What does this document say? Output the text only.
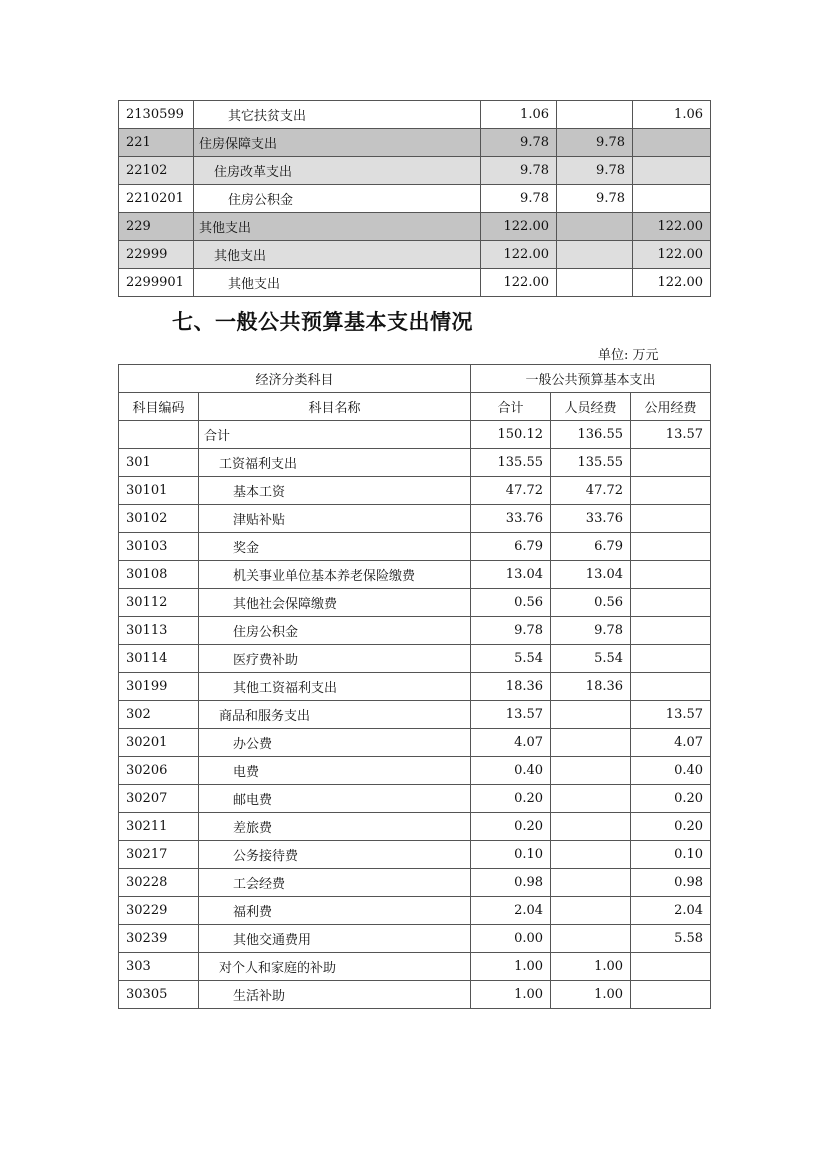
2130599	其它扶贫支出	1.06		1.06
221	住房保障支出	9.78	9.78	
22102	住房改革支出	9.78	9.78	
2210201	住房公积金	9.78	9.78	
229	其他支出	122.00		122.00
22999	其他支出	122.00		122.00
2299901	其他支出	122.00		122.00
七、一般公共预算基本支出情况
单位: 万元
经济分类科目		一般公共预算基本支出		
科目编码	科目名称	合计	人员经费	公用经费
	合计	150.12	136.55	13.57
301	工资福利支出	135.55	135.55	
30101	基本工资	47.72	47.72	
30102	津贴补贴	33.76	33.76	
30103	奖金	6.79	6.79	
30108	机关事业单位基本养老保险缴费	13.04	13.04	
30112	其他社会保障缴费	0.56	0.56	
30113	住房公积金	9.78	9.78	
30114	医疗费补助	5.54	5.54	
30199	其他工资福利支出	18.36	18.36	
302	商品和服务支出	13.57		13.57
30201	办公费	4.07		4.07
30206	电费	0.40		0.40
30207	邮电费	0.20		0.20
30211	差旅费	0.20		0.20
30217	公务接待费	0.10		0.10
30228	工会经费	0.98		0.98
30229	福利费	2.04		2.04
30239	其他交通费用	0.00		5.58
303	对个人和家庭的补助	1.00	1.00	
30305	生活补助	1.00	1.00	
